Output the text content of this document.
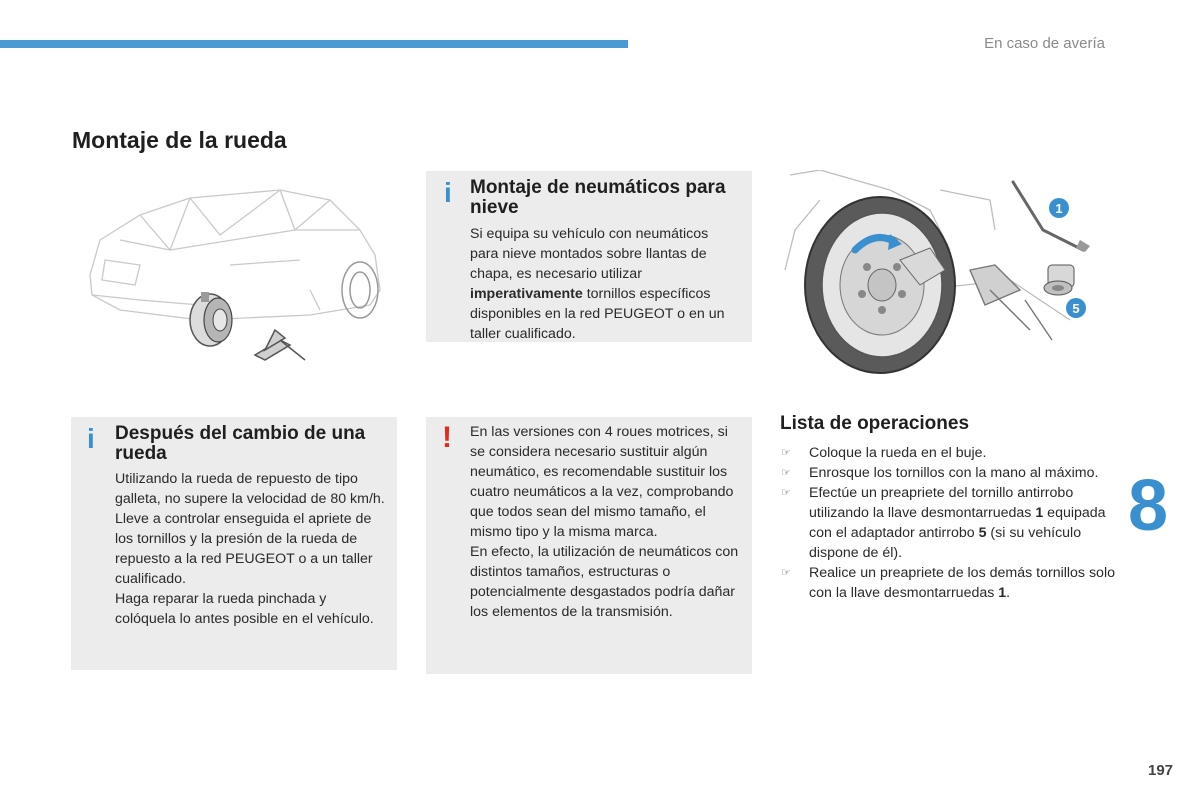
En caso de avería
Montaje de la rueda
i Montaje de neumáticos para nieve

Si equipa su vehículo con neumáticos para nieve montados sobre llantas de chapa, es necesario utilizar imperativamente tornillos específicos disponibles en la red PEUGEOT o en un taller cualificado.

1
5
i Después del cambio de una rueda

Utilizando la rueda de repuesto de tipo galleta, no supere la velocidad de 80 km/h.

Lleve a controlar enseguida el apriete de los tornillos y la presión de la rueda de repuesto a la red PEUGEOT o a un taller cualificado.

Haga reparar la rueda pinchada y colóquela lo antes posible en el vehículo.

! En las versiones con 4 roues motrices, si se considera necesario sustituir algún neumático, es recomendable sustituir los cuatro neumáticos a la vez, comprobando que todos sean del mismo tamaño, el mismo tipo y la misma marca.

En efecto, la utilización de neumáticos con distintos tamaños, estructuras o potencialmente desgastados podría dañar los elementos de la transmisión.

Lista de operaciones
☞ Coloque la rueda en el buje.
☞ Enrosque los tornillos con la mano al máximo.
☞ Efectúe un preapriete del tornillo antirrobo utilizando la llave desmontarruedas 1 equipada con el adaptador antirrobo 5 (si su vehículo dispone de él).
☞ Realice un preapriete de los demás tornillos solo con la llave desmontarruedas 1.
8
197
